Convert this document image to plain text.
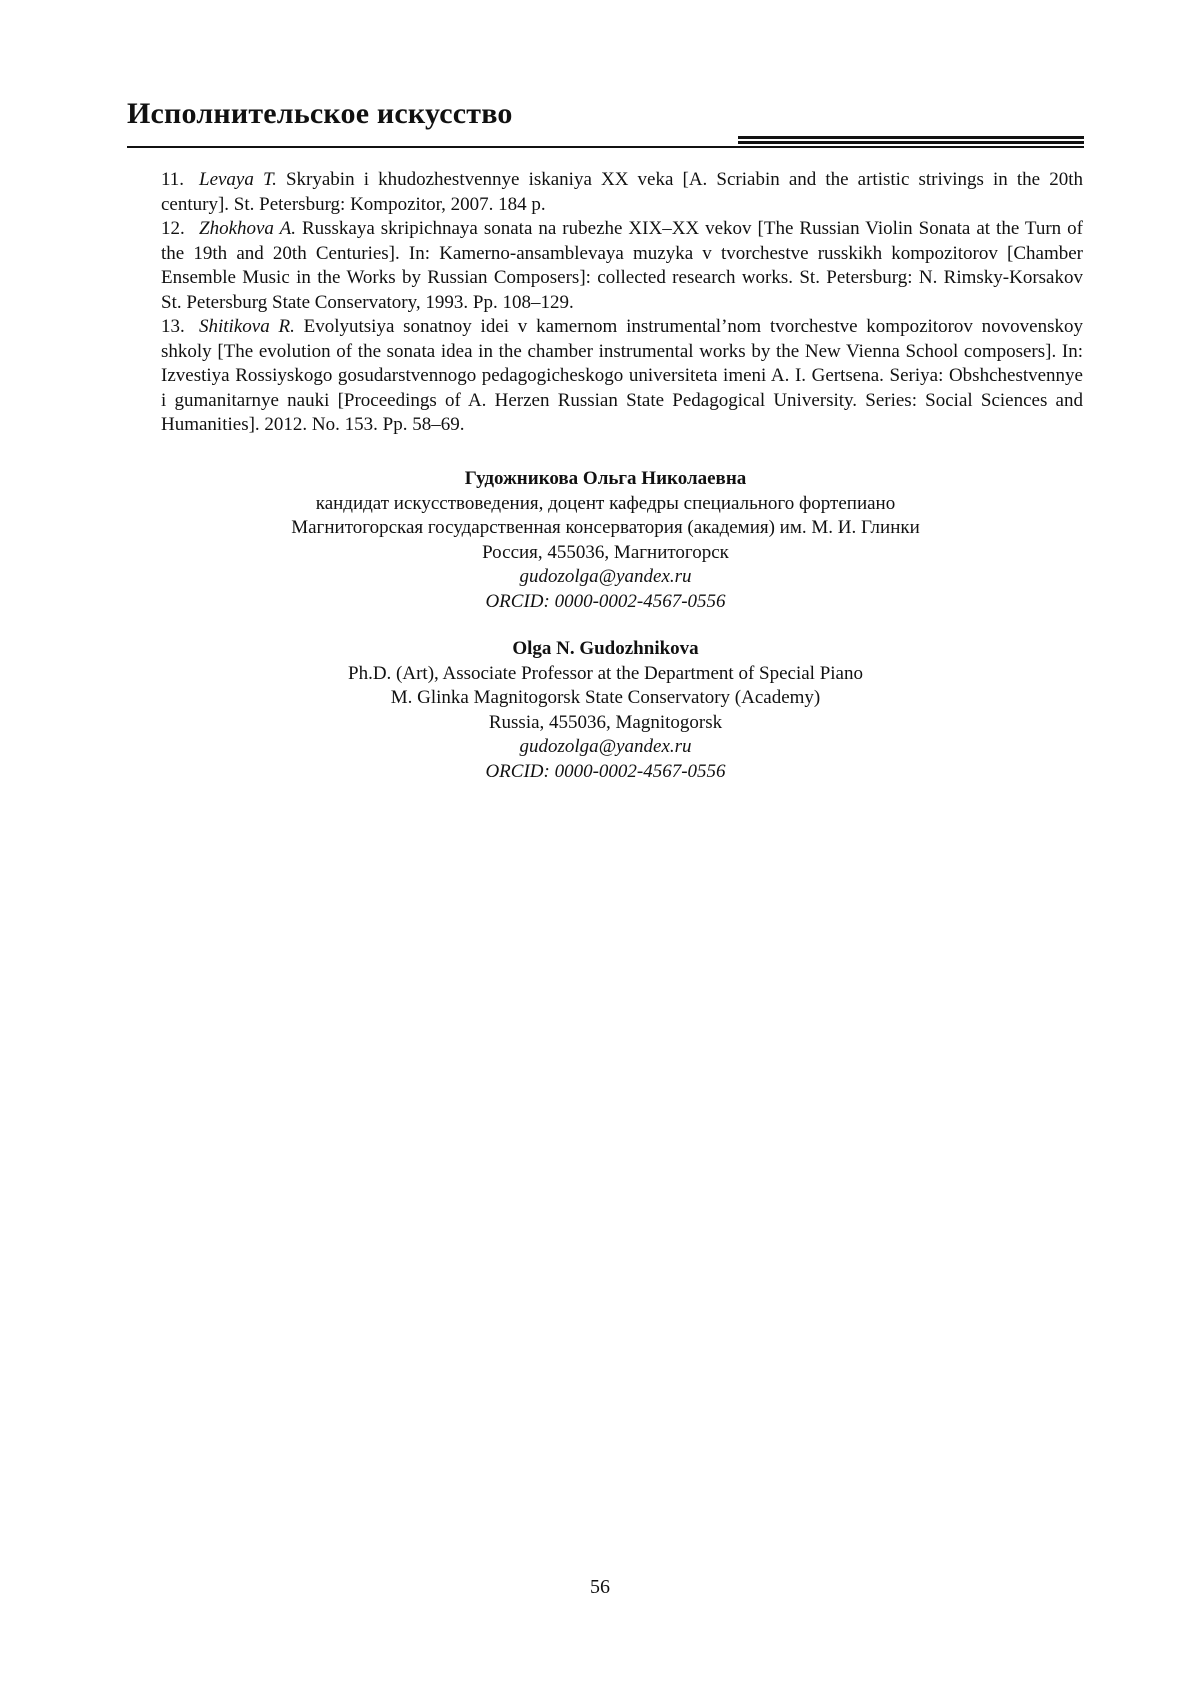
Исполнительское искусство

11. Levaya T. Skryabin i khudozhestvennye iskaniya XX veka [A. Scriabin and the artistic strivings in the 20th century]. St. Petersburg: Kompozitor, 2007. 184 p.

12. Zhokhova A. Russkaya skripichnaya sonata na rubezhe XIX–XX vekov [The Russian Violin Sonata at the Turn of the 19th and 20th Centuries]. In: Kamerno-ansamblevaya muzyka v tvorchestve russkikh kompozitorov [Chamber Ensemble Music in the Works by Russian Composers]: collected research works. St. Petersburg: N. Rimsky-Korsakov St. Petersburg State Conservatory, 1993. Pp. 108–129.

13. Shitikova R. Evolyutsiya sonatnoy idei v kamernom instrumental’nom tvorchestve kompozitorov novovenskoy shkoly [The evolution of the sonata idea in the chamber instrumental works by the New Vienna School composers]. In: Izvestiya Rossiyskogo gosudarstvennogo pedagogicheskogo universiteta imeni A. I. Gertsena. Seriya: Obshchestvennye i gumanitarnye nauki [Proceedings of A. Herzen Russian State Pedagogical University. Series: Social Sciences and Humanities]. 2012. No. 153. Pp. 58–69.

Гудожникова Ольга Николаевна
кандидат искусствоведения, доцент кафедры специального фортепиано
Магнитогорская государственная консерватория (академия) им. М. И. Глинки
Россия, 455036, Магнитогорск
gudozolga@yandex.ru
ORCID: 0000-0002-4567-0556
Olga N. Gudozhnikova
Ph.D. (Art), Associate Professor at the Department of Special Piano
M. Glinka Magnitogorsk State Conservatory (Academy)
Russia, 455036, Magnitogorsk
gudozolga@yandex.ru
ORCID: 0000-0002-4567-0556
56
